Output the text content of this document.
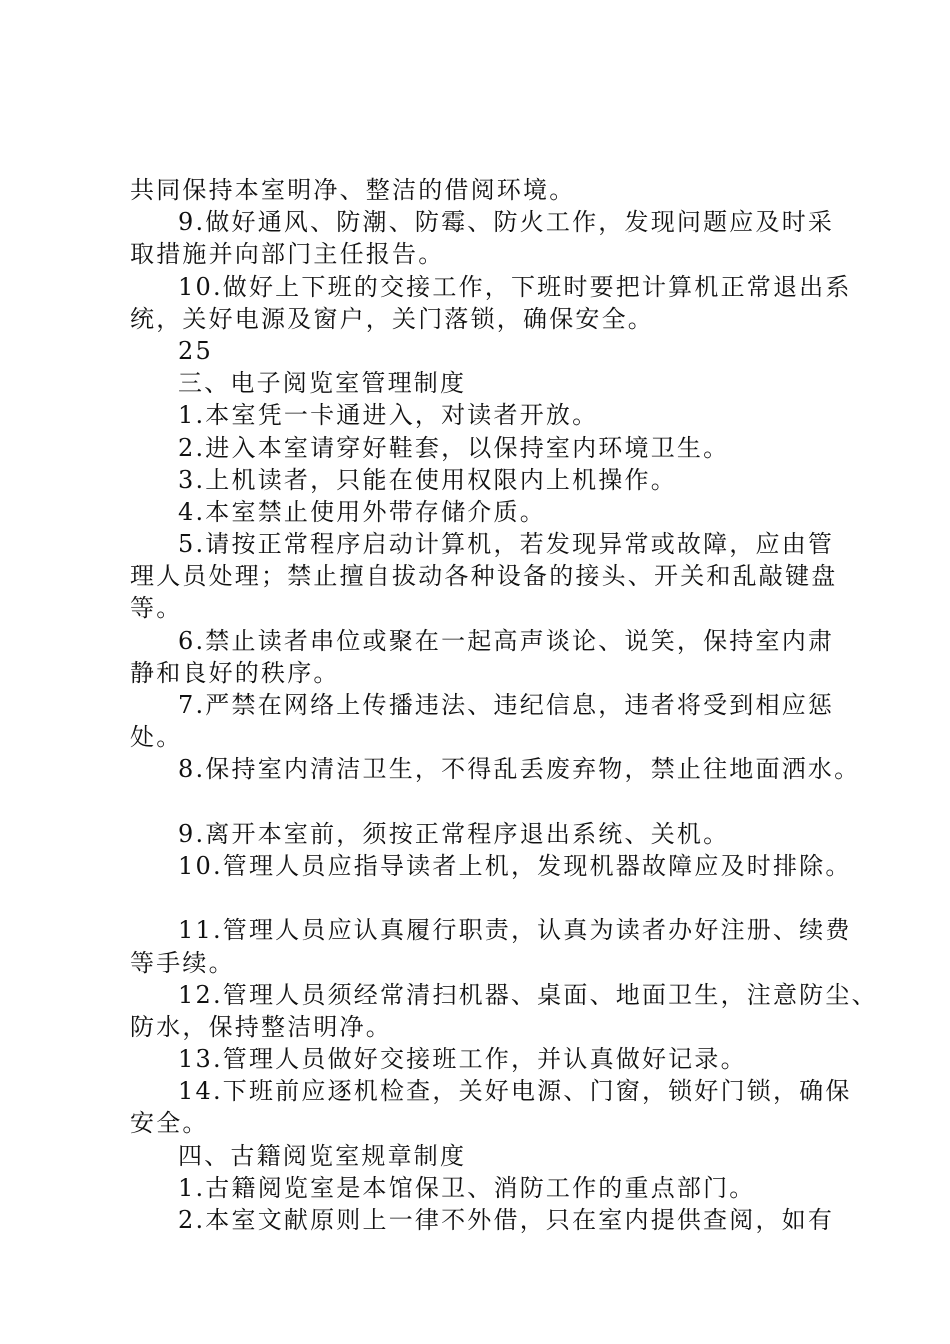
共同保持本室明净、整洁的借阅环境。
9.做好通风、防潮、防霉、防火工作，发现问题应及时采
取措施并向部门主任报告。
10.做好上下班的交接工作，下班时要把计算机正常退出系
统，关好电源及窗户，关门落锁，确保安全。
25
三、电子阅览室管理制度
1.本室凭一卡通进入，对读者开放。
2.进入本室请穿好鞋套，以保持室内环境卫生。
3.上机读者，只能在使用权限内上机操作。
4.本室禁止使用外带存储介质。
5.请按正常程序启动计算机，若发现异常或故障，应由管
理人员处理；禁止擅自拔动各种设备的接头、开关和乱敲键盘
等。
6.禁止读者串位或聚在一起高声谈论、说笑，保持室内肃
静和良好的秩序。
7.严禁在网络上传播违法、违纪信息，违者将受到相应惩
处。
8.保持室内清洁卫生，不得乱丢废弃物，禁止往地面洒水。
9.离开本室前，须按正常程序退出系统、关机。
10.管理人员应指导读者上机，发现机器故障应及时排除。
11.管理人员应认真履行职责，认真为读者办好注册、续费
等手续。
12.管理人员须经常清扫机器、桌面、地面卫生，注意防尘、
防水，保持整洁明净。
13.管理人员做好交接班工作，并认真做好记录。
14.下班前应逐机检查，关好电源、门窗，锁好门锁，确保
安全。
四、古籍阅览室规章制度
1.古籍阅览室是本馆保卫、消防工作的重点部门。
2.本室文献原则上一律不外借，只在室内提供查阅，如有
